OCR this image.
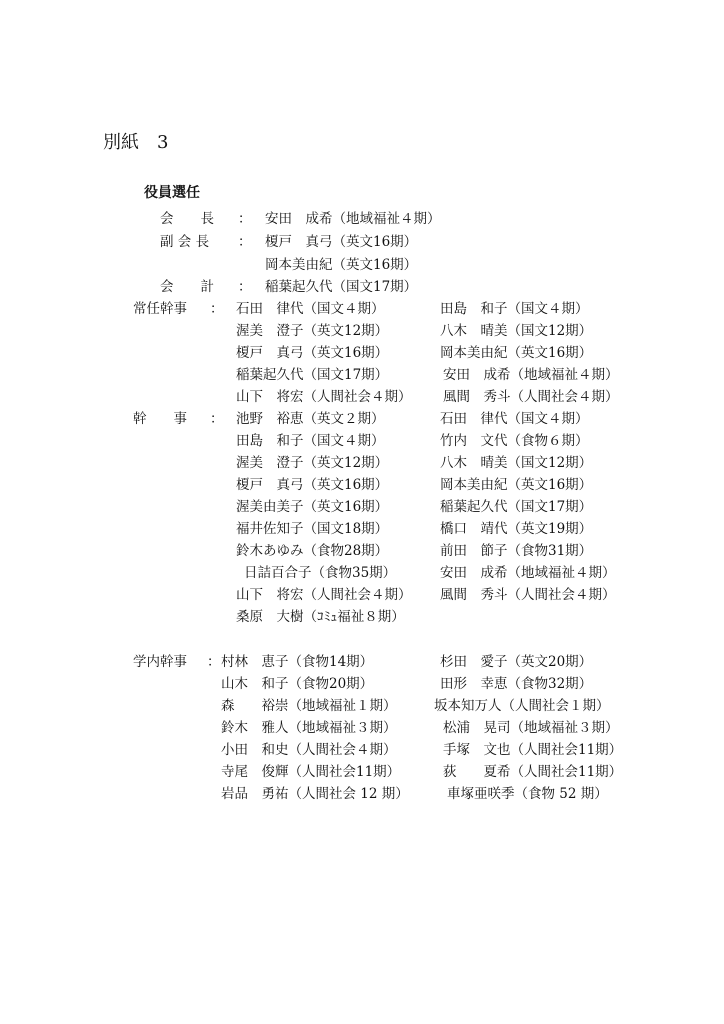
別紙　3
役員選任
会　　長 ： 安田　成希（地域福祉４期）
副 会 長 ： 榎戸　真弓（英文16期）
岡本美由紀（英文16期）
会　　計 ： 稲葉起久代（国文17期）
常任幹事 ： 石田　律代（国文４期）
渥美　澄子（英文12期）
榎戸　真弓（英文16期）
稲葉起久代（国文17期）
山下　将宏（人間社会４期）
田島　和子（国文４期）
八木　晴美（国文12期）
岡本美由紀（英文16期）
安田　成希（地域福祉４期）
風間　秀斗（人間社会４期）
幹　　事 ： 池野　裕恵（英文２期）
田島　和子（国文４期）
渥美　澄子（英文12期）
榎戸　真弓（英文16期）
渥美由美子（英文16期）
福井佐知子（国文18期）
鈴木あゆみ（食物28期）
日詰百合子（食物35期）
山下　将宏（人間社会４期）
桑原　大樹（ｺﾐｭ福祉８期）
石田　律代（国文４期）
竹内　文代（食物６期）
八木　晴美（国文12期）
岡本美由紀（英文16期）
稲葉起久代（国文17期）
橋口　靖代（英文19期）
前田　節子（食物31期）
安田　成希（地域福祉４期）
風間　秀斗（人間社会４期）
学内幹事 ： 村林　恵子（食物14期）
山木　和子（食物20期）
森　　裕崇（地域福祉１期）
鈴木　雅人（地域福祉３期）
小田　和史（人間社会４期）
寺尾　俊輝（人間社会11期）
岩品　勇祐（人間社会 12 期）
杉田　愛子（英文20期）
田形　幸恵（食物32期）
坂本知万人（人間社会１期）
松浦　晃司（地域福祉３期）
手塚　文也（人間社会11期）
荻　　夏希（人間社会11期）
車塚亜咲季（食物 52 期）
